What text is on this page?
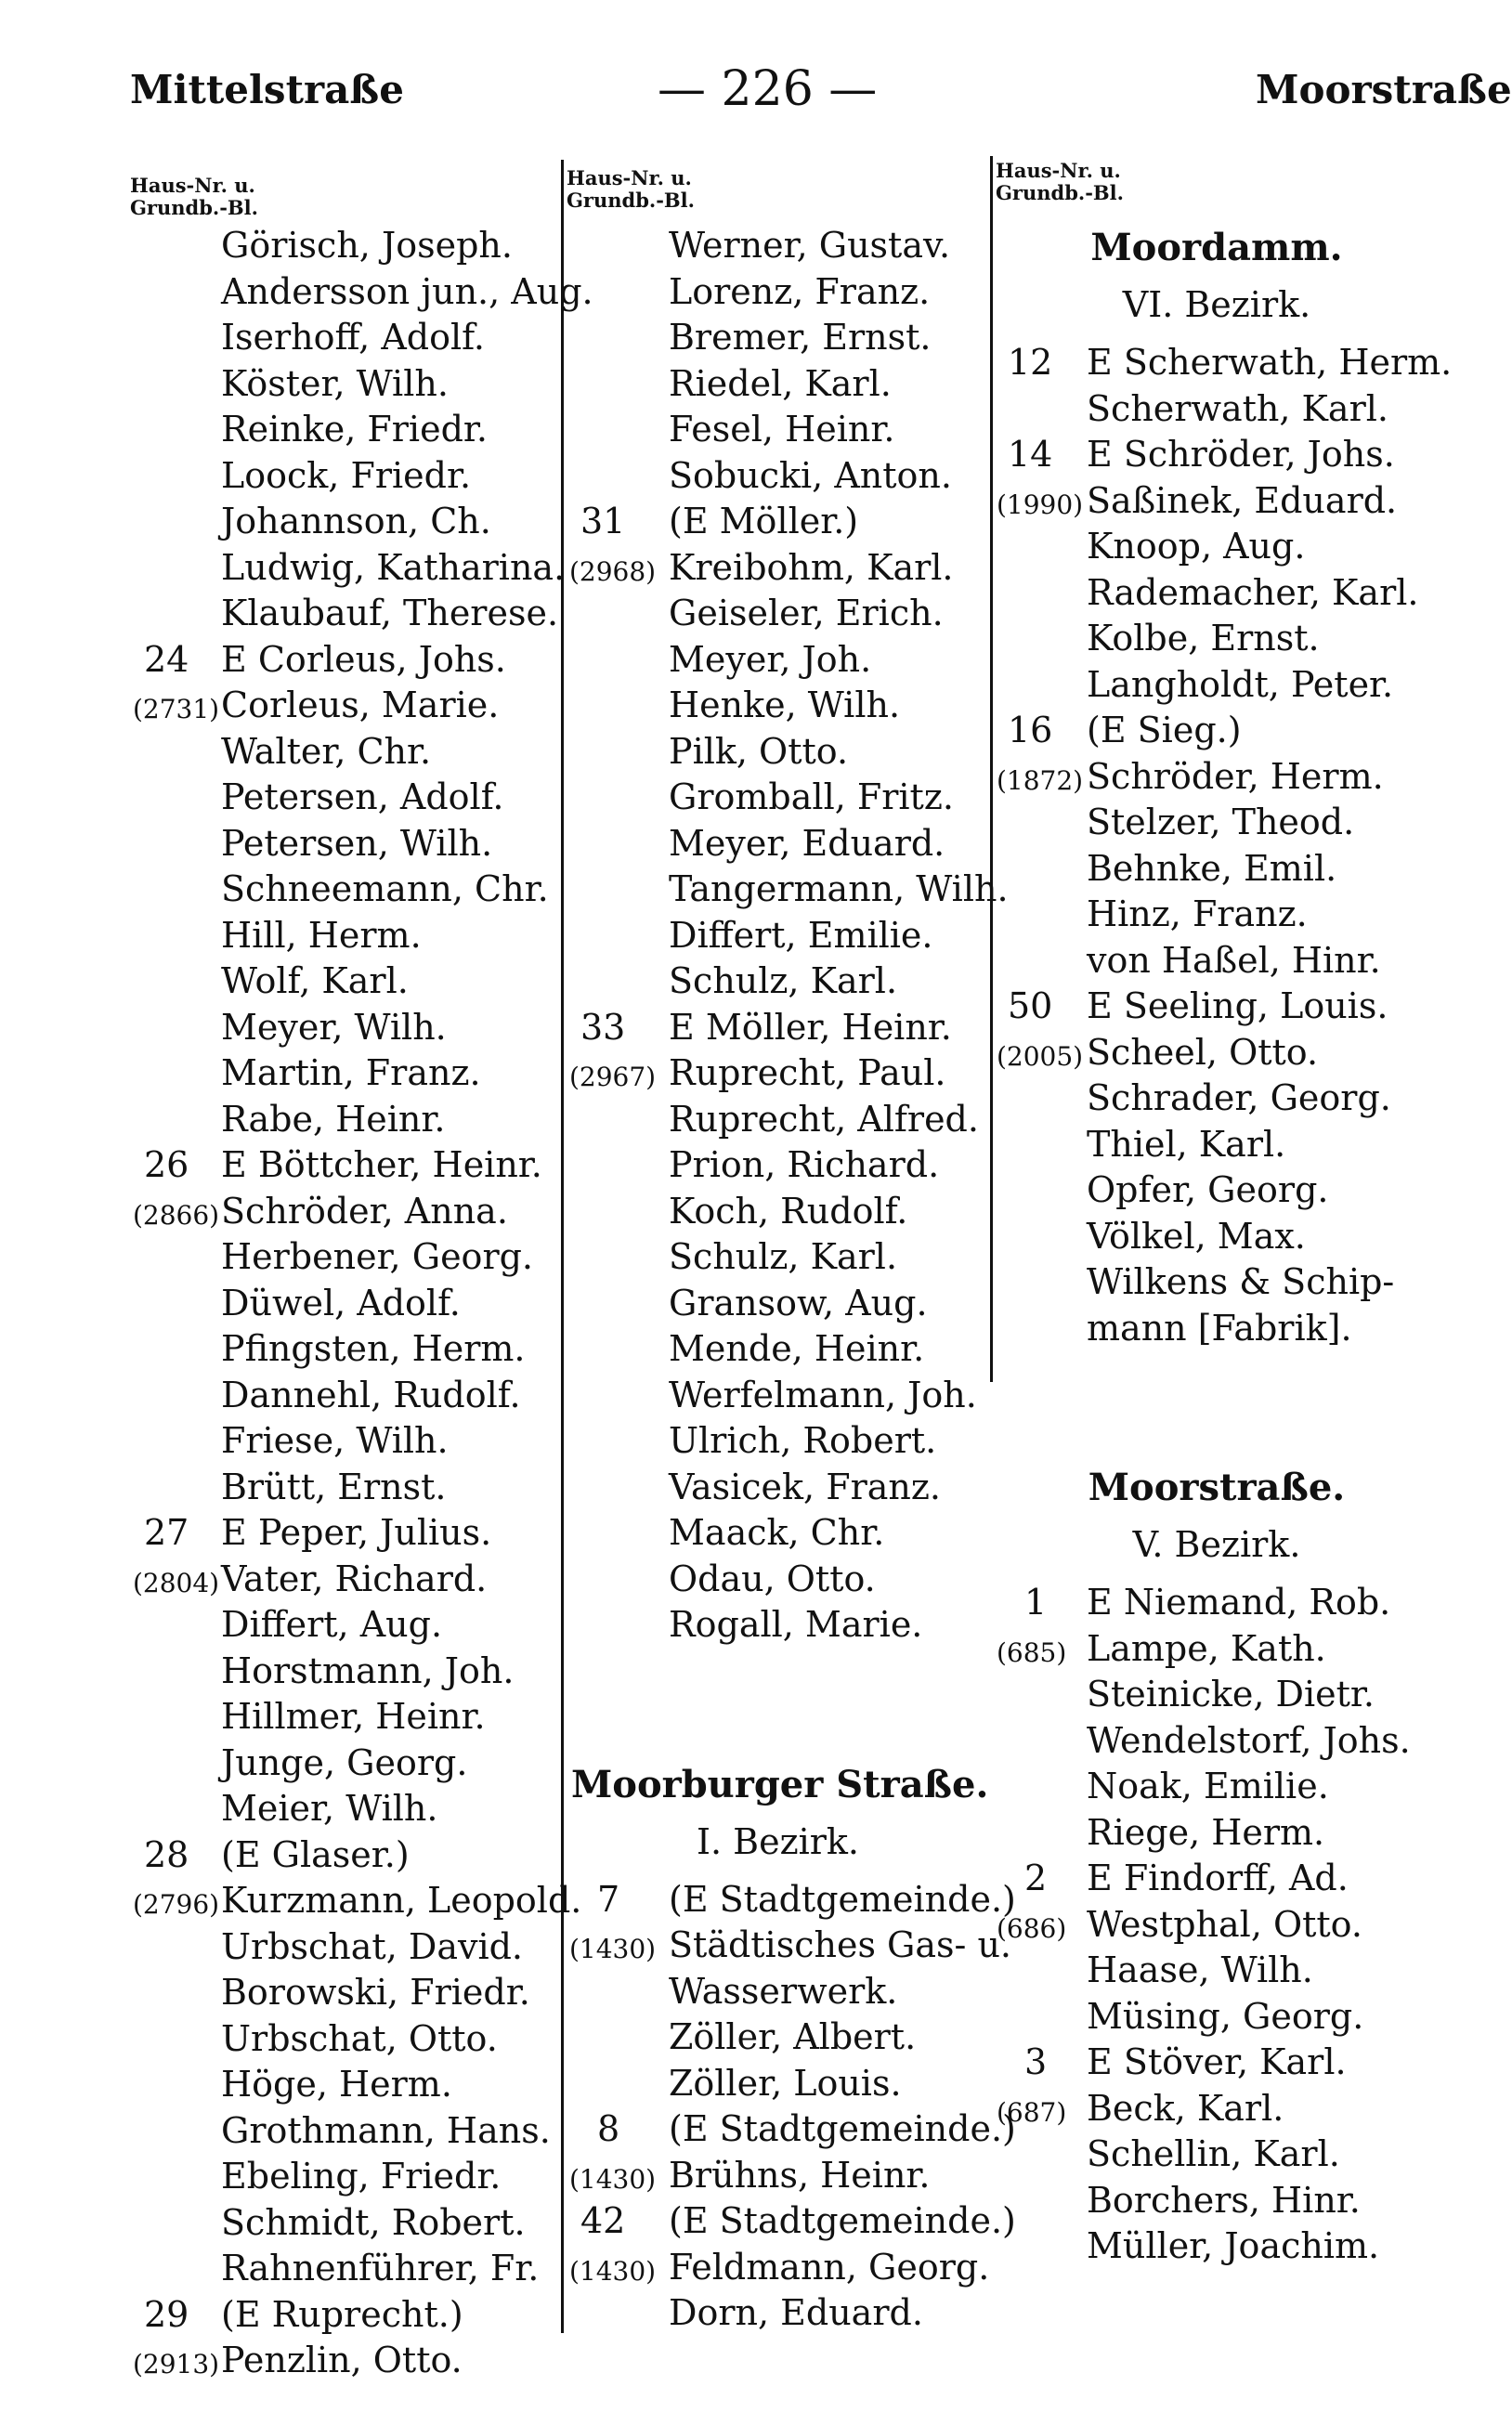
Mittelstraße	— 226 —	Moorstraße
Haus-Nr. u.
Grundb.-Bl.
Haus-Nr. u.
Grundb.-Bl.
Haus-Nr. u.
Grundb.-Bl.
Görisch, Joseph.
Andersson jun., Aug.
Iserhoff, Adolf.
Köster, Wilh.
Reinke, Friedr.
Loock, Friedr.
Johannson, Ch.
Ludwig, Katharina.
Klaubauf, Therese.
24 E Corleus, Johs.
(2731) Corleus, Marie.
Walter, Chr.
Petersen, Adolf.
Petersen, Wilh.
Schneemann, Chr.
Hill, Herm.
Wolf, Karl.
Meyer, Wilh.
Martin, Franz.
Rabe, Heinr.
26 E Böttcher, Heinr.
(2866) Schröder, Anna.
Herbener, Georg.
Düwel, Adolf.
Pfingsten, Herm.
Dannehl, Rudolf.
Friese, Wilh.
Brütt, Ernst.
27 E Peper, Julius.
(2804) Vater, Richard.
Differt, Aug.
Horstmann, Joh.
Hillmer, Heinr.
Junge, Georg.
Meier, Wilh.
28 (E Glaser.)
(2796) Kurzmann, Leopold.
Urbschat, David.
Borowski, Friedr.
Urbschat, Otto.
Höge, Herm.
Grothmann, Hans.
Ebeling, Friedr.
Schmidt, Robert.
Rahnenführer, Fr.
29 (E Ruprecht.)
(2913) Penzlin, Otto.
Werner, Gustav.
Lorenz, Franz.
Bremer, Ernst.
Riedel, Karl.
Fesel, Heinr.
Sobucki, Anton.
31 (E Möller.)
(2968) Kreibohm, Karl.
Geiseler, Erich.
Meyer, Joh.
Henke, Wilh.
Pilk, Otto.
Gromball, Fritz.
Meyer, Eduard.
Tangermann, Wilh.
Differt, Emilie.
Schulz, Karl.
33 E Möller, Heinr.
(2967) Ruprecht, Paul.
Ruprecht, Alfred.
Prion, Richard.
Koch, Rudolf.
Schulz, Karl.
Gransow, Aug.
Mende, Heinr.
Werfelmann, Joh.
Ulrich, Robert.
Vasicek, Franz.
Maack, Chr.
Odau, Otto.
Rogall, Marie.
Moorburger Straße.
I. Bezirk.
7 (E Stadtgemeinde.)
(1430) Städtisches Gas- u.
Wasserwerk.
Zöller, Albert.
Zöller, Louis.
8 (E Stadtgemeinde.)
(1430) Brühns, Heinr.
42 (E Stadtgemeinde.)
(1430) Feldmann, Georg.
Dorn, Eduard.
Moordamm.
VI. Bezirk.
12 E Scherwath, Herm.
Scherwath, Karl.
14 E Schröder, Johs.
(1990) Saßinek, Eduard.
Knoop, Aug.
Rademacher, Karl.
Kolbe, Ernst.
Langholdt, Peter.
16 (E Sieg.)
(1872) Schröder, Herm.
Stelzer, Theod.
Behnke, Emil.
Hinz, Franz.
von Haßel, Hinr.
50 E Seeling, Louis.
(2005) Scheel, Otto.
Schrader, Georg.
Thiel, Karl.
Opfer, Georg.
Völkel, Max.
Wilkens & Schip-
mann [Fabrik].
Moorstraße.
V. Bezirk.
1 E Niemand, Rob.
(685) Lampe, Kath.
Steinicke, Dietr.
Wendelstorf, Johs.
Noak, Emilie.
Riege, Herm.
2 E Findorff, Ad.
(686) Westphal, Otto.
Haase, Wilh.
Müsing, Georg.
3 E Stöver, Karl.
(687) Beck, Karl.
Schellin, Karl.
Borchers, Hinr.
Müller, Joachim.
